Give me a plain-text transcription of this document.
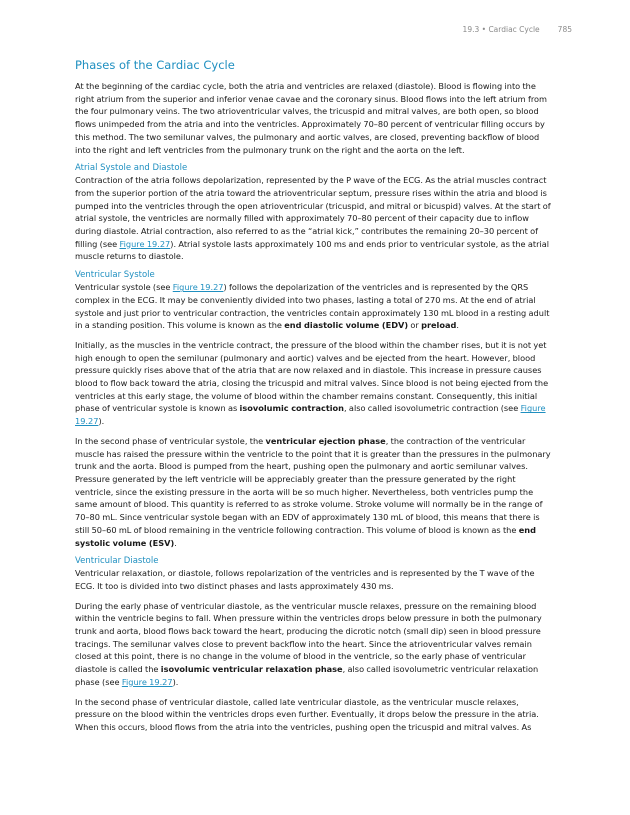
19.3 • Cardiac Cycle 785
Phases of the Cardiac Cycle

At the beginning of the cardiac cycle, both the atria and ventricles are relaxed (diastole). Blood is flowing into the right atrium from the superior and inferior venae cavae and the coronary sinus. Blood flows into the left atrium from the four pulmonary veins. The two atrioventricular valves, the tricuspid and mitral valves, are both open, so blood flows unimpeded from the atria and into the ventricles. Approximately 70–80 percent of ventricular filling occurs by this method. The two semilunar valves, the pulmonary and aortic valves, are closed, preventing backflow of blood into the right and left ventricles from the pulmonary trunk on the right and the aorta on the left.

Atrial Systole and Diastole

Contraction of the atria follows depolarization, represented by the P wave of the ECG. As the atrial muscles contract from the superior portion of the atria toward the atrioventricular septum, pressure rises within the atria and blood is pumped into the ventricles through the open atrioventricular (tricuspid, and mitral or bicuspid) valves. At the start of atrial systole, the ventricles are normally filled with approximately 70–80 percent of their capacity due to inflow during diastole. Atrial contraction, also referred to as the “atrial kick,” contributes the remaining 20–30 percent of filling (see Figure 19.27). Atrial systole lasts approximately 100 ms and ends prior to ventricular systole, as the atrial muscle returns to diastole.

Ventricular Systole

Ventricular systole (see Figure 19.27) follows the depolarization of the ventricles and is represented by the QRS complex in the ECG. It may be conveniently divided into two phases, lasting a total of 270 ms. At the end of atrial systole and just prior to ventricular contraction, the ventricles contain approximately 130 mL blood in a resting adult in a standing position. This volume is known as the end diastolic volume (EDV) or preload.

Initially, as the muscles in the ventricle contract, the pressure of the blood within the chamber rises, but it is not yet high enough to open the semilunar (pulmonary and aortic) valves and be ejected from the heart. However, blood pressure quickly rises above that of the atria that are now relaxed and in diastole. This increase in pressure causes blood to flow back toward the atria, closing the tricuspid and mitral valves. Since blood is not being ejected from the ventricles at this early stage, the volume of blood within the chamber remains constant. Consequently, this initial phase of ventricular systole is known as isovolumic contraction, also called isovolumetric contraction (see Figure 19.27).

In the second phase of ventricular systole, the ventricular ejection phase, the contraction of the ventricular muscle has raised the pressure within the ventricle to the point that it is greater than the pressures in the pulmonary trunk and the aorta. Blood is pumped from the heart, pushing open the pulmonary and aortic semilunar valves. Pressure generated by the left ventricle will be appreciably greater than the pressure generated by the right ventricle, since the existing pressure in the aorta will be so much higher. Nevertheless, both ventricles pump the same amount of blood. This quantity is referred to as stroke volume. Stroke volume will normally be in the range of 70–80 mL. Since ventricular systole began with an EDV of approximately 130 mL of blood, this means that there is still 50–60 mL of blood remaining in the ventricle following contraction. This volume of blood is known as the end systolic volume (ESV).

Ventricular Diastole

Ventricular relaxation, or diastole, follows repolarization of the ventricles and is represented by the T wave of the ECG. It too is divided into two distinct phases and lasts approximately 430 ms.

During the early phase of ventricular diastole, as the ventricular muscle relaxes, pressure on the remaining blood within the ventricle begins to fall. When pressure within the ventricles drops below pressure in both the pulmonary trunk and aorta, blood flows back toward the heart, producing the dicrotic notch (small dip) seen in blood pressure tracings. The semilunar valves close to prevent backflow into the heart. Since the atrioventricular valves remain closed at this point, there is no change in the volume of blood in the ventricle, so the early phase of ventricular diastole is called the isovolumic ventricular relaxation phase, also called isovolumetric ventricular relaxation phase (see Figure 19.27).

In the second phase of ventricular diastole, called late ventricular diastole, as the ventricular muscle relaxes, pressure on the blood within the ventricles drops even further. Eventually, it drops below the pressure in the atria. When this occurs, blood flows from the atria into the ventricles, pushing open the tricuspid and mitral valves. As
